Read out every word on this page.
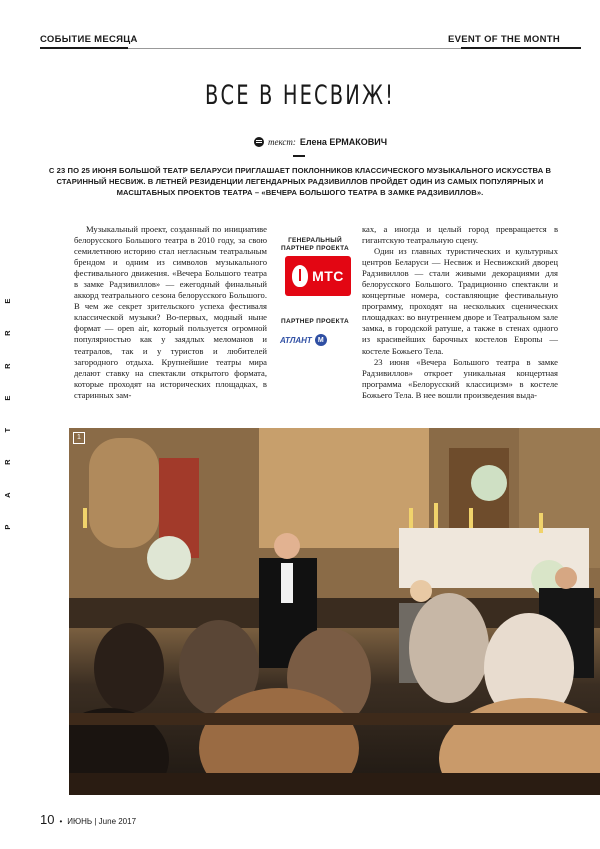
СОБЫТИЕ МЕСЯЦА	EVENT OF THE MONTH
ВСЕ В НЕСВИЖ!
текст: Елена ЕРМАКОВИЧ
С 23 ПО 25 ИЮНЯ БОЛЬШОЙ ТЕАТР БЕЛАРУСИ ПРИГЛАШАЕТ ПОКЛОННИКОВ КЛАССИЧЕСКОГО МУЗЫКАЛЬНОГО ИСКУССТВА В СТАРИННЫЙ НЕСВИЖ. В ЛЕТНЕЙ РЕЗИДЕНЦИИ ЛЕГЕНДАРНЫХ РАДЗИВИЛЛОВ ПРОЙДЕТ ОДИН ИЗ САМЫХ ПОПУЛЯРНЫХ И МАСШТАБНЫХ ПРОЕКТОВ ТЕАТРА – «ВЕЧЕРА БОЛЬШОГО ТЕАТРА В ЗАМКЕ РАДЗИВИЛЛОВ».
E
R
R
E
T
R
A
P

Музыкальный проект, созданный по инициативе белорусского Большого театра в 2010 году, за свою семилетнюю историю стал негласным театральным брендом и одним из символов музыкального фестивального движения. «Вечера Большого театра в замке Радзивиллов» — ежегодный финальный аккорд театрального сезона белорусского Большого. В чем же секрет зрительского успеха фестиваля классической музыки? Во-первых, модный ныне формат — open air, который пользуется огромной популярностью как у заядлых меломанов и театралов, так и у туристов и любителей загородного отдыха. Крупнейшие театры мира делают ставку на спектакли открытого формата, которые проходят на исторических площадках, в старинных зам-

ГЕНЕРАЛЬНЫЙ ПАРТНЕР ПРОЕКТА
МТС
ПАРТНЕР ПРОЕКТА
АТЛАНТ M

ках, а иногда и целый город превращается в гигантскую театральную сцену.

Один из главных туристических и культурных центров Беларуси — Несвиж и Несвижский дворец Радзивиллов — стали живыми декорациями для белорусского Большого. Традиционно спектакли и концертные номера, составляющие фестивальную программу, проходят на нескольких сценических площадках: во внутреннем дворе и Театральном зале замка, в городской ратуше, а также в стенах одного из красивейших барочных костелов Европы — костеле Божьего Тела.

23 июня «Вечера Большого театра в замке Радзивиллов» откроет уникальная концертная программа «Белорусский классицизм» в костеле Божьего Тела. В нее вошли произведения выда-

1
10 • ИЮНЬ | June 2017
